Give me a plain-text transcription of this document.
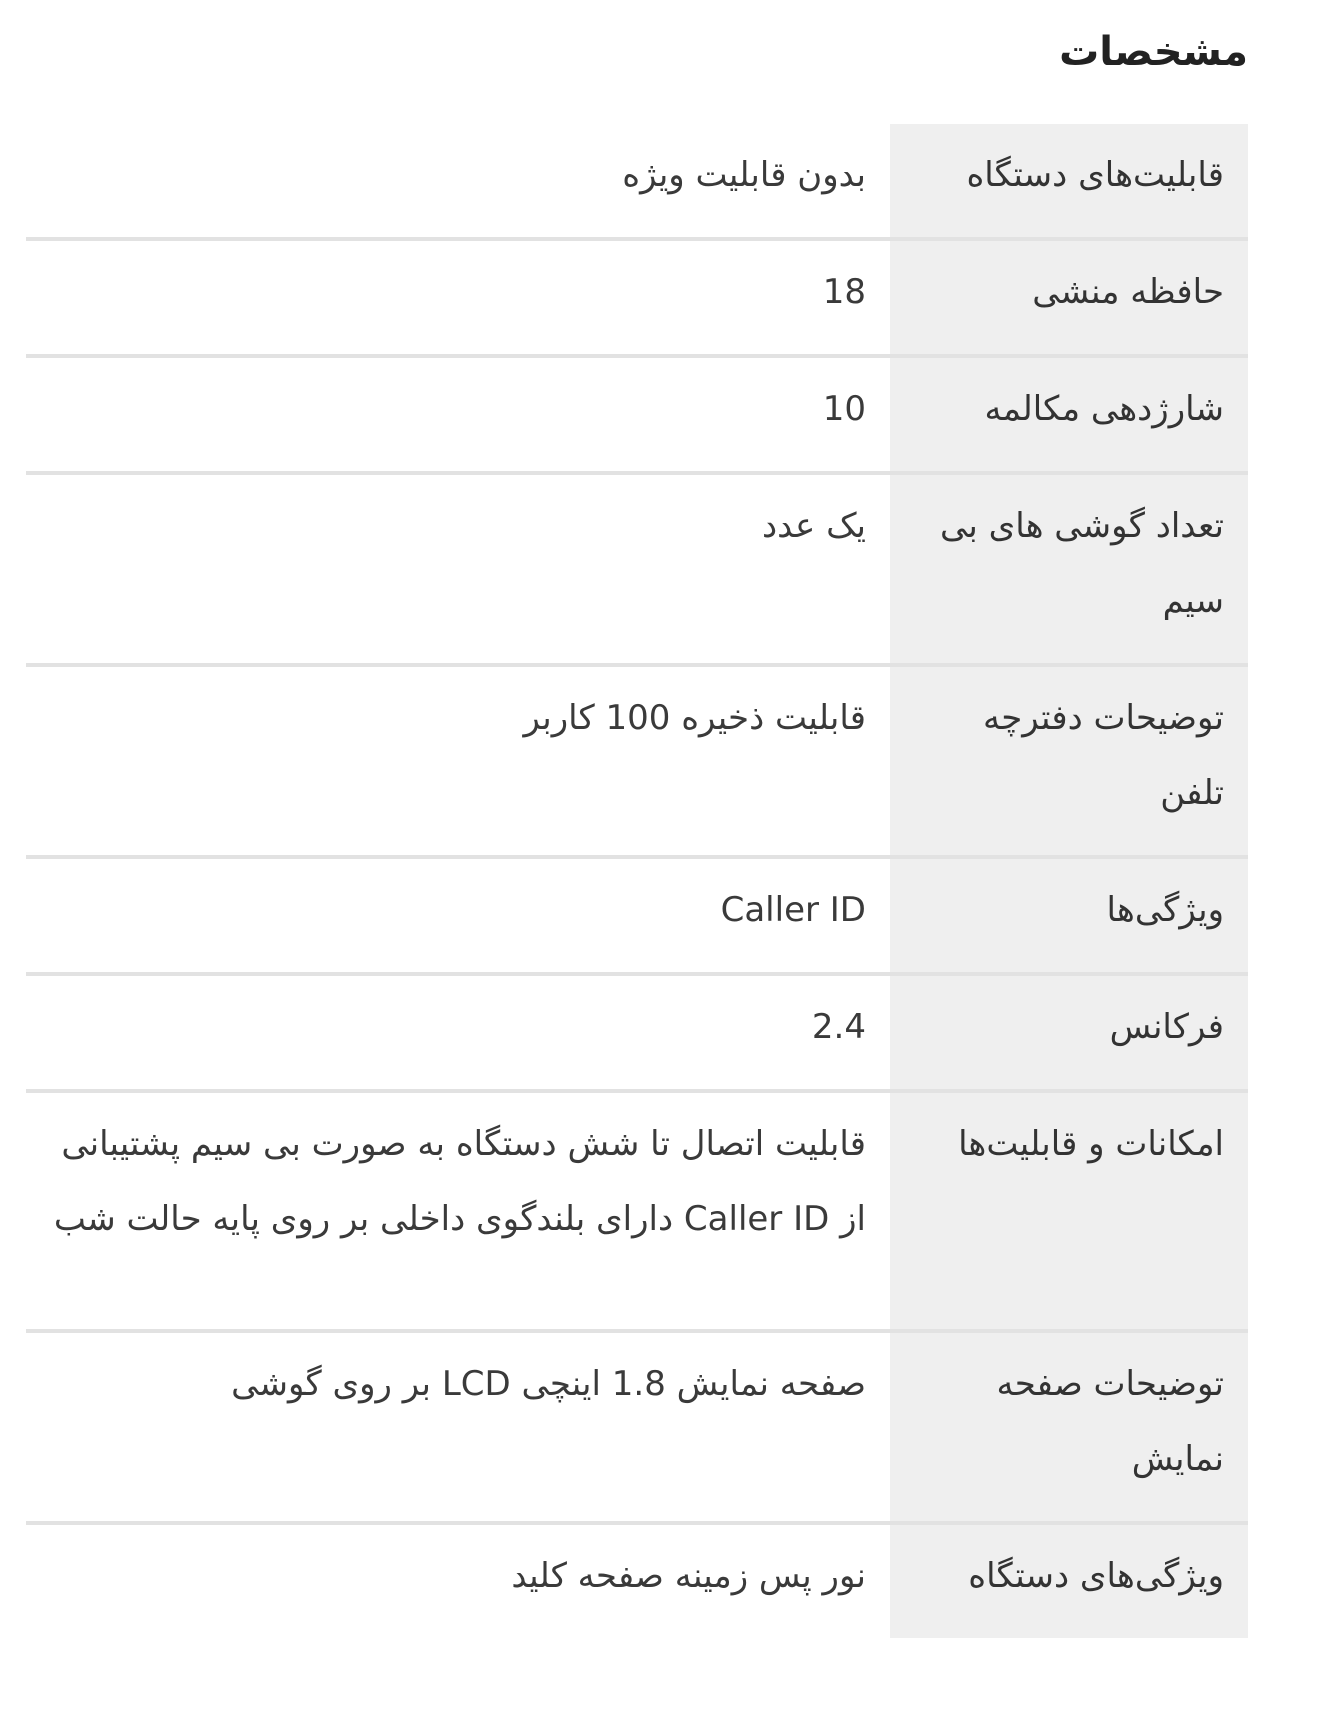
مشخصات
قابلیت‌های دستگاه	بدون قابلیت ویژه
حافظه منشی	18
شارژدهی مکالمه	10
تعداد گوشی های بی سیم	یک عدد
توضیحات دفترچه تلفن	قابلیت ذخیره 100 کاربر
ویژگی‌ها	Caller ID
فرکانس	2.4
امکانات و قابلیت‌ها	قابلیت اتصال تا شش دستگاه به صورت بی سیم پشتیبانی از Caller ID دارای بلندگوی داخلی بر روی پایه حالت شب
توضیحات صفحه نمایش	صفحه نمایش 1.8 اینچی LCD بر روی گوشی
ویژگی‌های دستگاه	نور پس زمینه صفحه کلید
